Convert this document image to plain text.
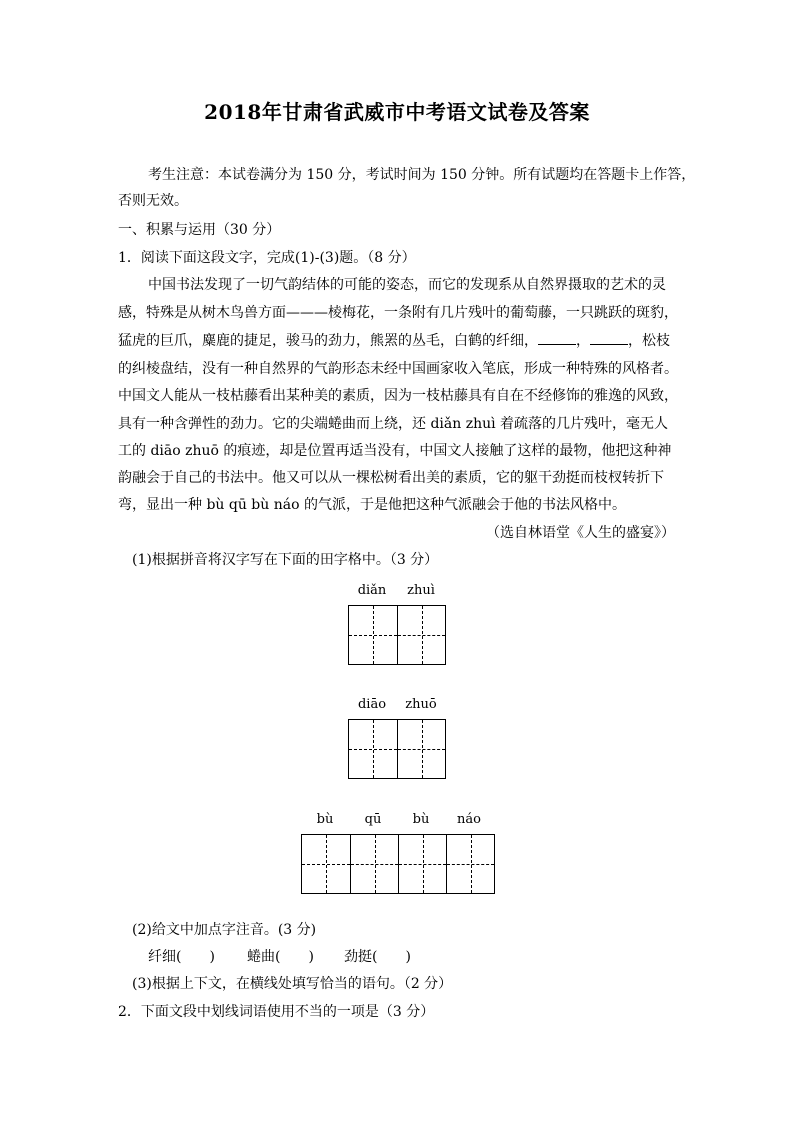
2018年甘肃省武威市中考语文试卷及答案
考生注意：本试卷满分为 150 分，考试时间为 150 分钟。所有试题均在答题卡上作答，
否则无效。
一、积累与运用（30 分）
1．阅读下面这段文字，完成(1)-(3)题。（8 分）
中国书法发现了一切气韵结体的可能的姿态，而它的发现系从自然界摄取的艺术的灵
感，特殊是从树木鸟兽方面———棱梅花，一条附有几片残叶的葡萄藤，一只跳跃的斑豹，
猛虎的巨爪，麋鹿的捷足，骏马的劲力，熊罴的丛毛，白鹤的纤细，	，	，松枝
的纠棱盘结，没有一种自然界的气韵形态未经中国画家收入笔底，形成一种特殊的风格者。
中国文人能从一枝枯藤看出某种美的素质，因为一枝枯藤具有自在不经修饰的雅逸的风致，
具有一种含弹性的劲力。它的尖端蜷曲而上绕，还 diǎn zhuì 着疏落的几片残叶，毫无人
工的 diāo zhuō 的痕迹，却是位置再适当没有，中国文人接触了这样的最物，他把这种神
韵融会于自己的书法中。他又可以从一棵松树看出美的素质，它的躯干劲挺而枝杈转折下
弯，显出一种 bù qū bù náo 的气派，于是他把这种气派融会于他的书法风格中。
（选自林语堂《人生的盛宴》）
(1)根据拼音将汉字写在下面的田字格中。（3 分）
diǎn	zhuì
diāo	zhuō
bù	qū	bù	náo
(2)给文中加点字注音。(3 分)
纤细(　　) 蜷曲(　　) 劲挺(　　)
(3)根据上下文，在横线处填写恰当的语句。（2 分）
2．下面文段中划线词语使用不当的一项是（3 分）
